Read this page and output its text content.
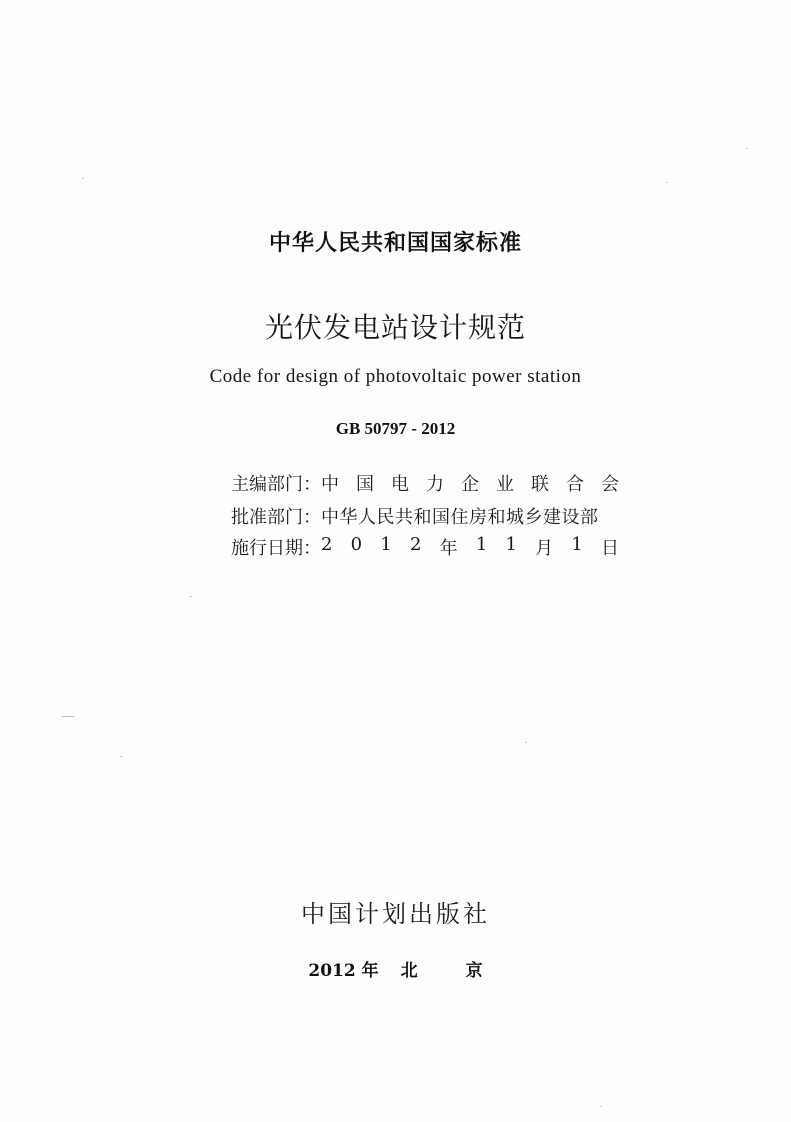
中华人民共和国国家标准
光伏发电站设计规范
Code for design of photovoltaic power station
GB 50797 - 2012
主编部门： 中 国 电 力 企 业 联 合 会
批准部门： 中华人民共和国住房和城乡建设部
施行日期： 2 0 1 2 年 1 1 月 1 日
中国计划出版社
2012 年 北	京
